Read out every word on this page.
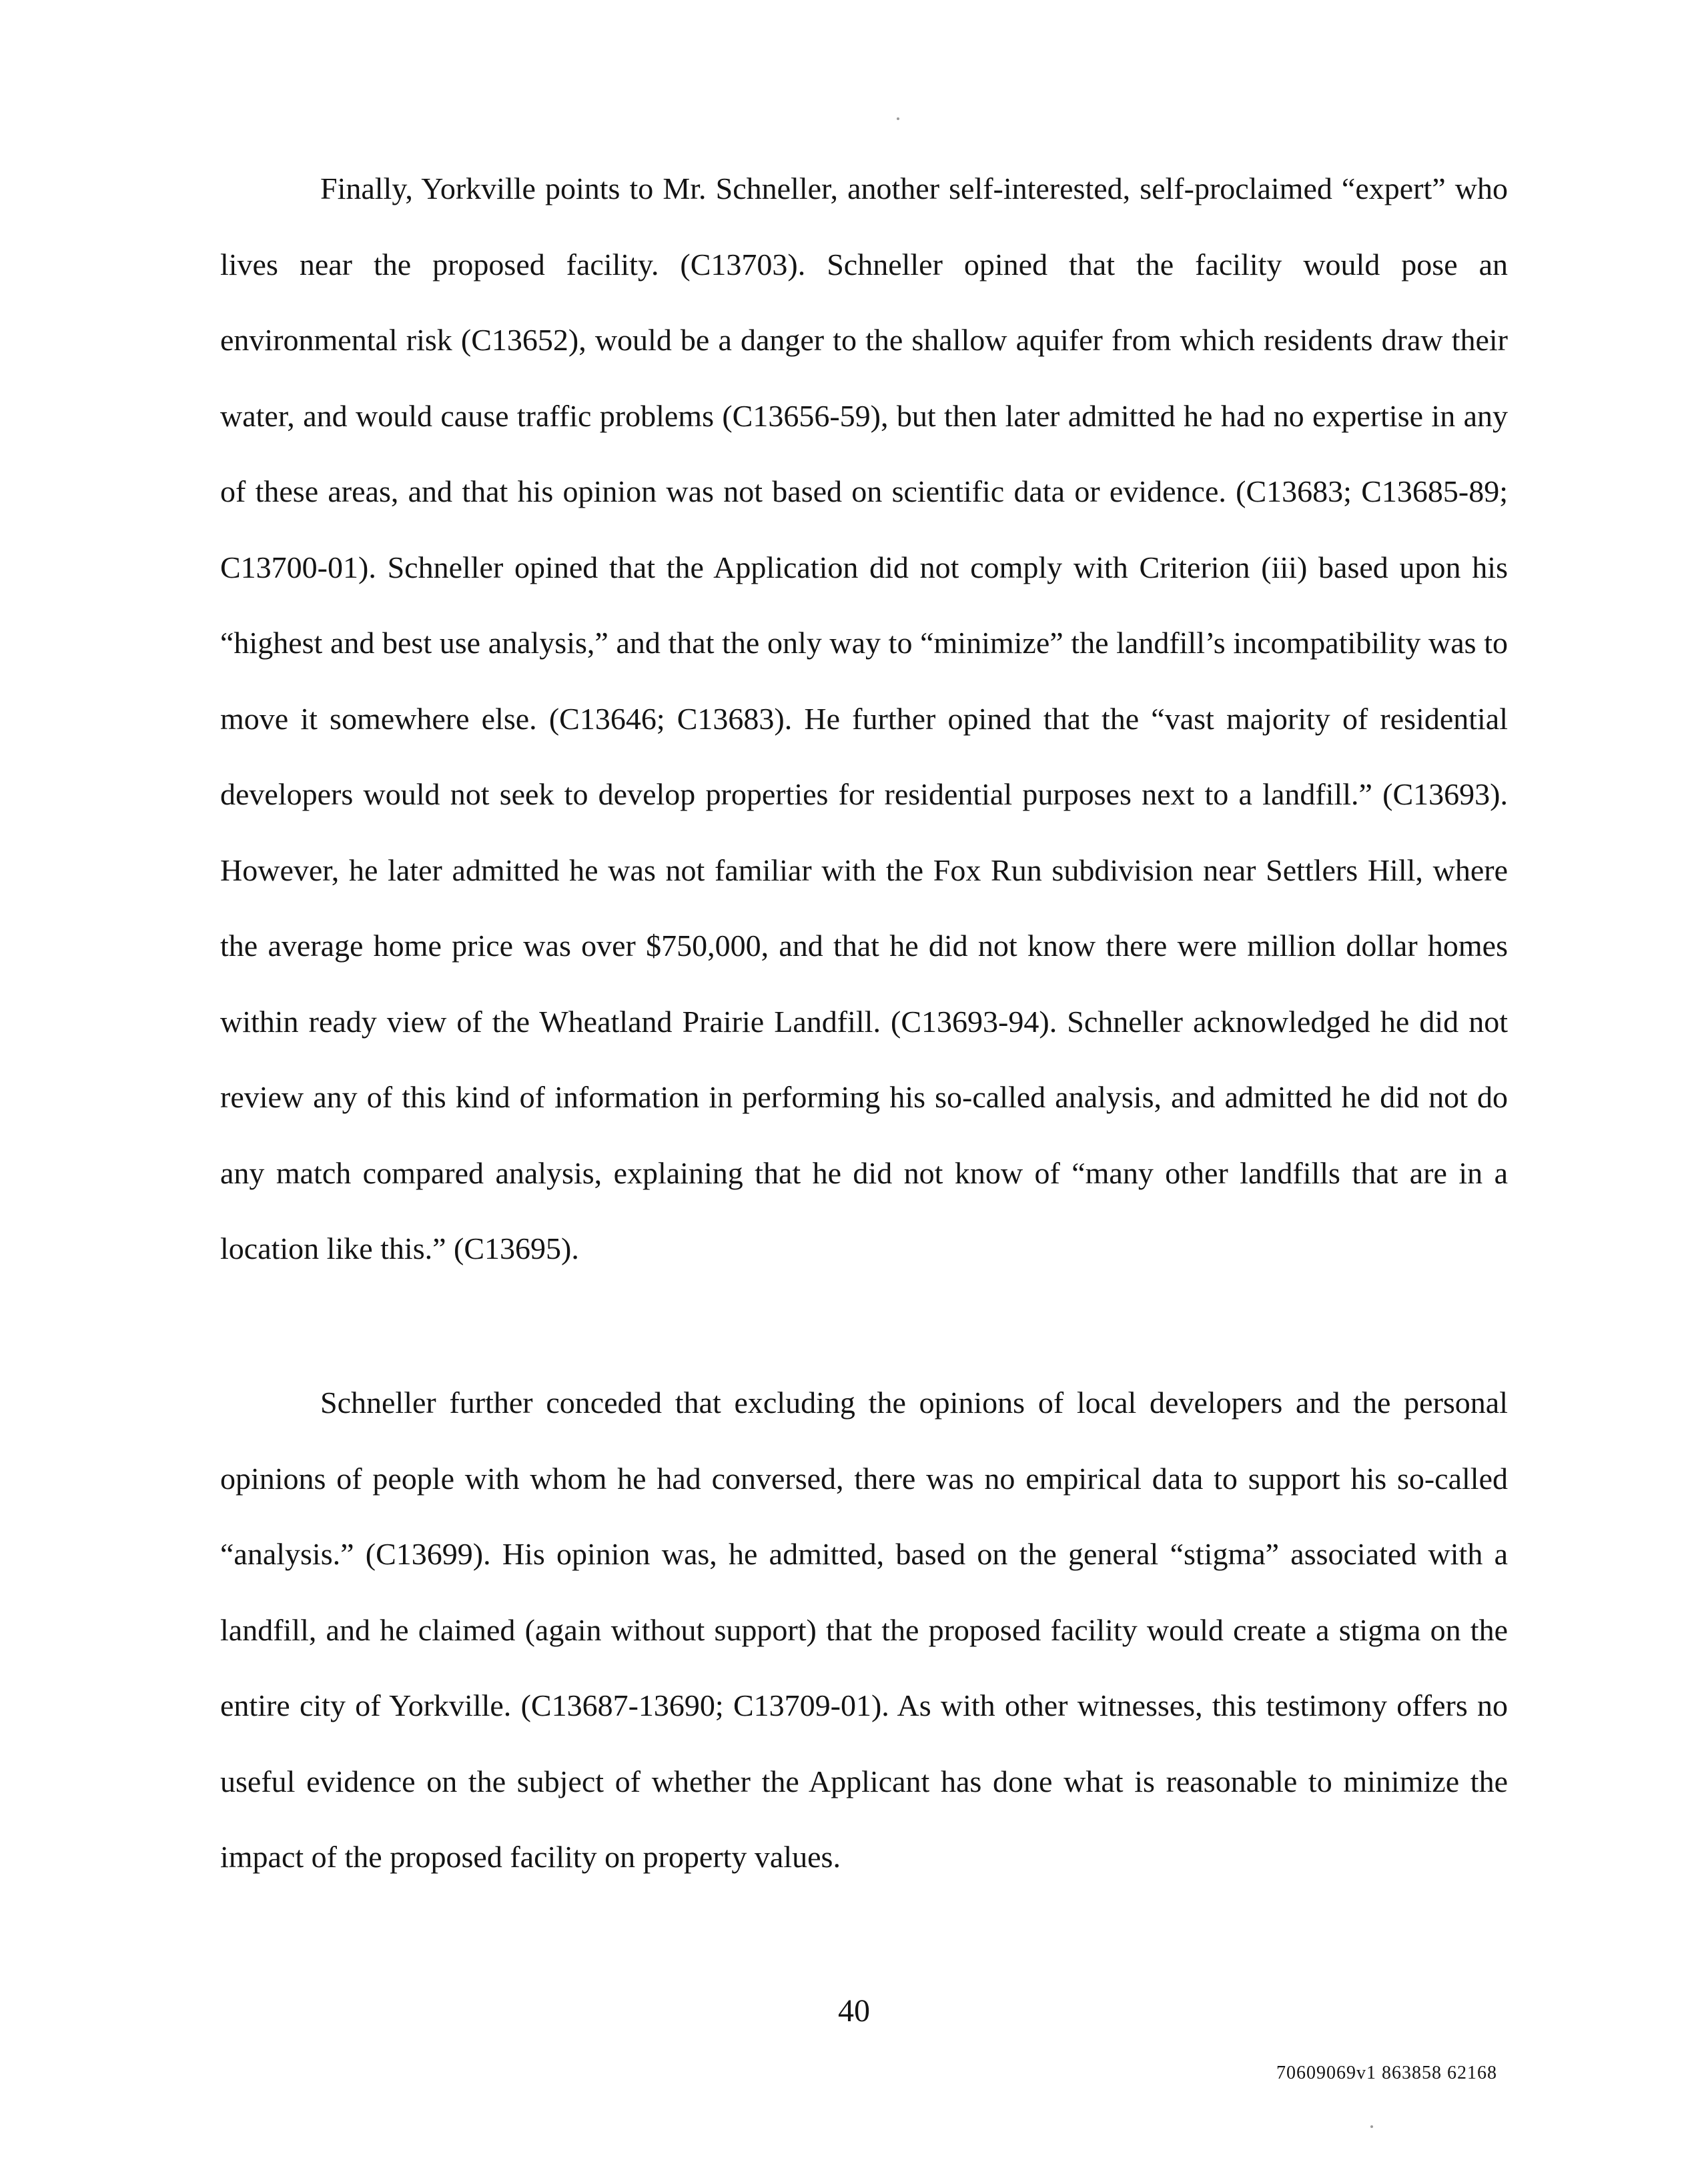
Finally, Yorkville points to Mr. Schneller, another self-interested, self-proclaimed “expert” who lives near the proposed facility. (C13703). Schneller opined that the facility would pose an environmental risk (C13652), would be a danger to the shallow aquifer from which residents draw their water, and would cause traffic problems (C13656-59), but then later admitted he had no expertise in any of these areas, and that his opinion was not based on scientific data or evidence. (C13683; C13685-89; C13700-01). Schneller opined that the Application did not comply with Criterion (iii) based upon his “highest and best use analysis,” and that the only way to “minimize” the landfill’s incompatibility was to move it somewhere else. (C13646; C13683). He further opined that the “vast majority of residential developers would not seek to develop properties for residential purposes next to a landfill.” (C13693). However, he later admitted he was not familiar with the Fox Run subdivision near Settlers Hill, where the average home price was over $750,000, and that he did not know there were million dollar homes within ready view of the Wheatland Prairie Landfill. (C13693-94). Schneller acknowledged he did not review any of this kind of information in performing his so-called analysis, and admitted he did not do any match compared analysis, explaining that he did not know of “many other landfills that are in a location like this.” (C13695).

Schneller further conceded that excluding the opinions of local developers and the personal opinions of people with whom he had conversed, there was no empirical data to support his so-called “analysis.” (C13699). His opinion was, he admitted, based on the general “stigma” associated with a landfill, and he claimed (again without support) that the proposed facility would create a stigma on the entire city of Yorkville. (C13687-13690; C13709-01). As with other witnesses, this testimony offers no useful evidence on the subject of whether the Applicant has done what is reasonable to minimize the impact of the proposed facility on property values.

40
70609069v1 863858 62168
